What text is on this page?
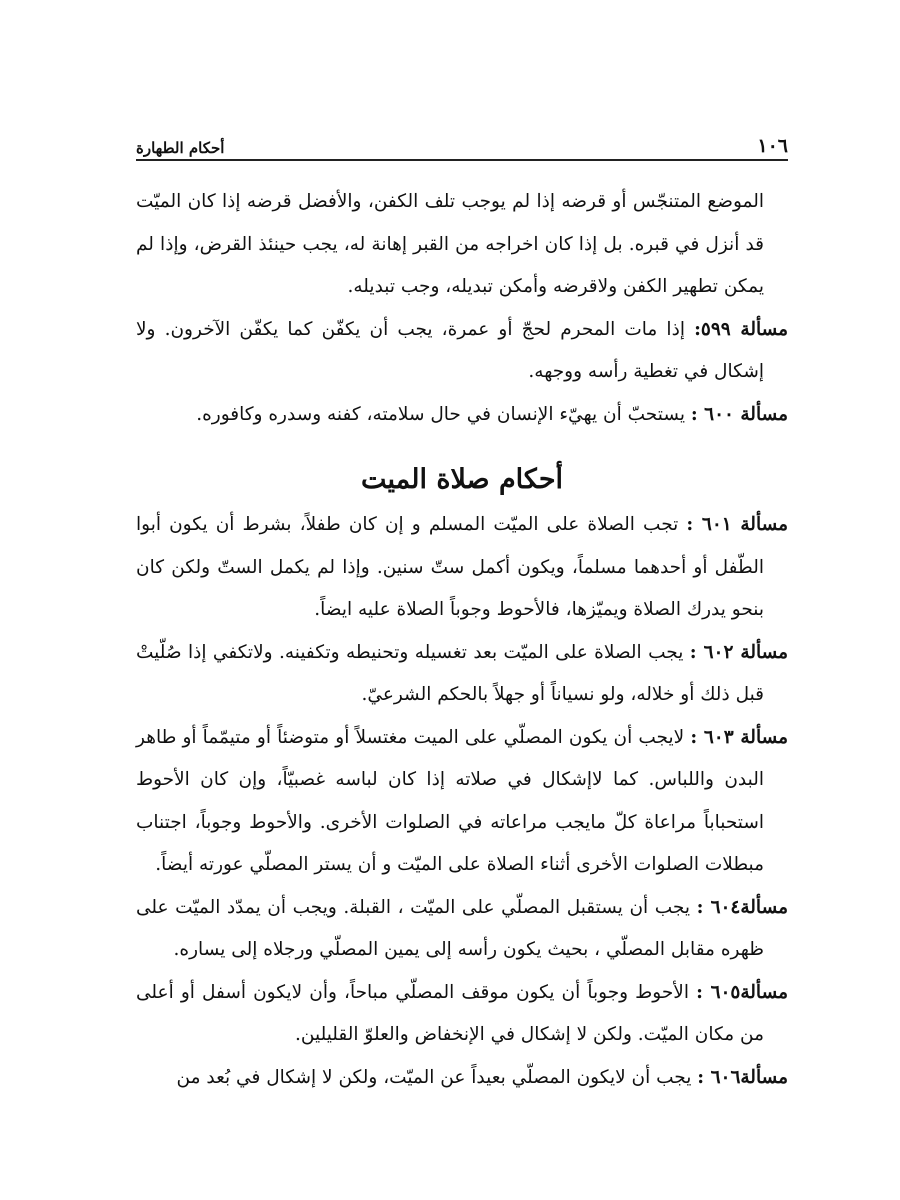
١٠٦
أحكام الطهارة

الموضع المتنجّس أو قرضه إذا لم يوجب تلف الكفن، والأفضل قرضه إذا كان الميّت قد أنزل في قبره. بل إذا كان اخراجه من القبر إهانة له، يجب حينئذ القرض، وإذا لم يمكن تطهير الكفن ولاقرضه وأمكن تبديله، وجب تبديله.

مسألة ٥٩٩: إذا مات المحرم لحجّ أو عمرة، يجب أن يكفّن كما يكفّن الآخرون. ولا إشكال في تغطية رأسه ووجهه.

مسألة ٦٠٠ : يستحبّ أن يهيّء الإنسان في حال سلامته، كفنه وسدره وكافوره.

أحكام صلاة الميت

مسألة ٦٠١ : تجب الصلاة على الميّت المسلم و إن كان طفلاً، بشرط أن يكون أبوا الطّفل أو أحدهما مسلماً، ويكون أكمل ستّ سنين. وإذا لم يكمل الستّ ولكن كان بنحو يدرك الصلاة ويميّزها، فالأحوط وجوباً الصلاة عليه ايضاً.

مسألة ٦٠٢ : يجب الصلاة على الميّت بعد تغسيله وتحنيطه وتكفينه. ولاتكفي إذا صُلّيتْ قبل ذلك أو خلاله، ولو نسياناً أو جهلاً بالحكم الشرعيّ.

مسألة ٦٠٣ : لايجب أن يكون المصلّي على الميت مغتسلاً أو متوضئاً أو متيمّماً أو طاهر البدن واللباس. كما لاإشكال في صلاته إذا كان لباسه غصبيّاً، وإن كان الأحوط استحباباً مراعاة كلّ مايجب مراعاته في الصلوات الأخرى. والأحوط وجوباً، اجتناب مبطلات الصلوات الأخرى أثناء الصلاة على الميّت و أن يستر المصلّي عورته أيضاً.

مسألة٦٠٤ : يجب أن يستقبل المصلّي على الميّت ، القبلة. ويجب أن يمدّد الميّت على ظهره مقابل المصلّي ، بحيث يكون رأسه إلى يمين المصلّي ورجلاه إلى يساره.

مسألة٦٠٥ : الأحوط وجوباً أن يكون موقف المصلّي مباحاً، وأن لايكون أسفل أو أعلى من مكان الميّت. ولكن لا إشكال في الإنخفاض والعلوّ القليلين.

مسألة٦٠٦ : يجب أن لايكون المصلّي بعيداً عن الميّت، ولكن لا إشكال في بُعد من
